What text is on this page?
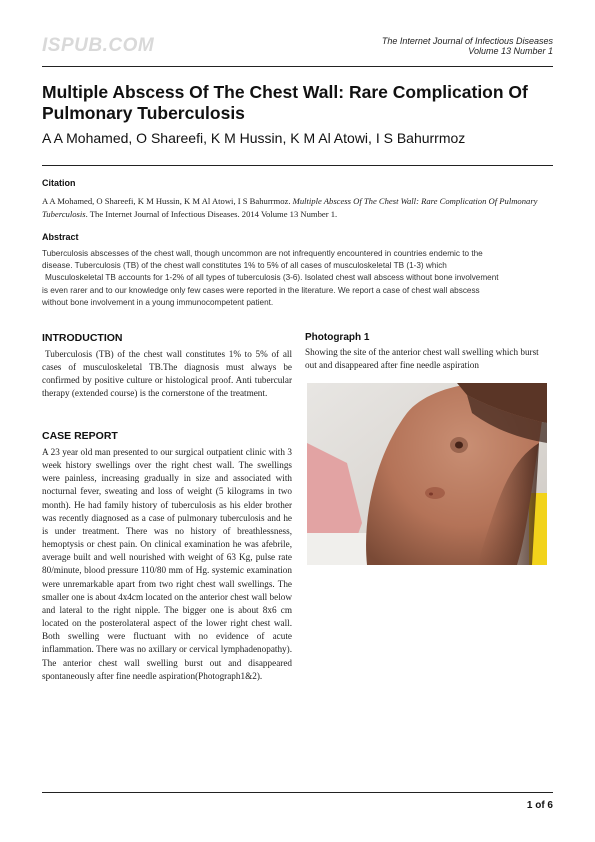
ISPUB.COM	The Internet Journal of Infectious Diseases
Volume 13 Number 1
Multiple Abscess Of The Chest Wall: Rare Complication Of
Pulmonary Tuberculosis
A A Mohamed, O Shareefi, K M Hussin, K M Al Atowi, I S Bahurrmoz
Citation
A A Mohamed, O Shareefi, K M Hussin, K M Al Atowi, I S Bahurrmoz. Multiple Abscess Of The Chest Wall: Rare Complication Of Pulmonary Tuberculosis. The Internet Journal of Infectious Diseases. 2014 Volume 13 Number 1.
Abstract

Tuberculosis abscesses of the chest wall, though uncommon are not infrequently encountered in countries endemic to the

disease. Tuberculosis (TB) of the chest wall constitutes 1% to 5% of all cases of musculoskeletal TB (1-3) which

Musculoskeletal TB accounts for 1-2% of all types of tuberculosis (3-6). Isolated chest wall abscess without bone involvement

is even rarer and to our knowledge only few cases were reported in the literature. We report a case of chest wall abscess

without bone involvement in a young immunocompetent patient.

INTRODUCTION

Tuberculosis (TB) of the chest wall constitutes 1% to 5% of all cases of musculoskeletal TB.The diagnosis must always be confirmed by positive culture or histological proof. Anti tubercular therapy (extended course) is the cornerstone of the treatment.

CASE REPORT

A 23 year old man presented to our surgical outpatient clinic with 3 week history swellings over the right chest wall. The swellings were painless, increasing gradually in size and associated with nocturnal fever, sweating and loss of weight (5 kilograms in two month). He had family history of tuberculosis as his elder brother was recently diagnosed as a case of pulmonary tuberculosis and he is under treatment. There was no history of breathlessness, hemoptysis or chest pain. On clinical examination he was afebrile, average built and well nourished with weight of 63 Kg, pulse rate 80/minute, blood pressure 110/80 mm of Hg. systemic examination were unremarkable apart from two right chest wall swellings. The smaller one is about 4x4cm located on the anterior chest wall below and lateral to the right nipple. The bigger one is about 8x6 cm located on the posterolateral aspect of the lower right chest wall. Both swelling were fluctuant with no evidence of acute inflammation. There was no axillary or cervical lymphadenopathy). The anterior chest wall swelling burst out and disappeared spontaneously after fine needle aspiration(Photograph1&2).

Photograph 1
Showing the site of the anterior chest wall swelling which burst out and disappeared after fine needle aspiration
1 of 6
